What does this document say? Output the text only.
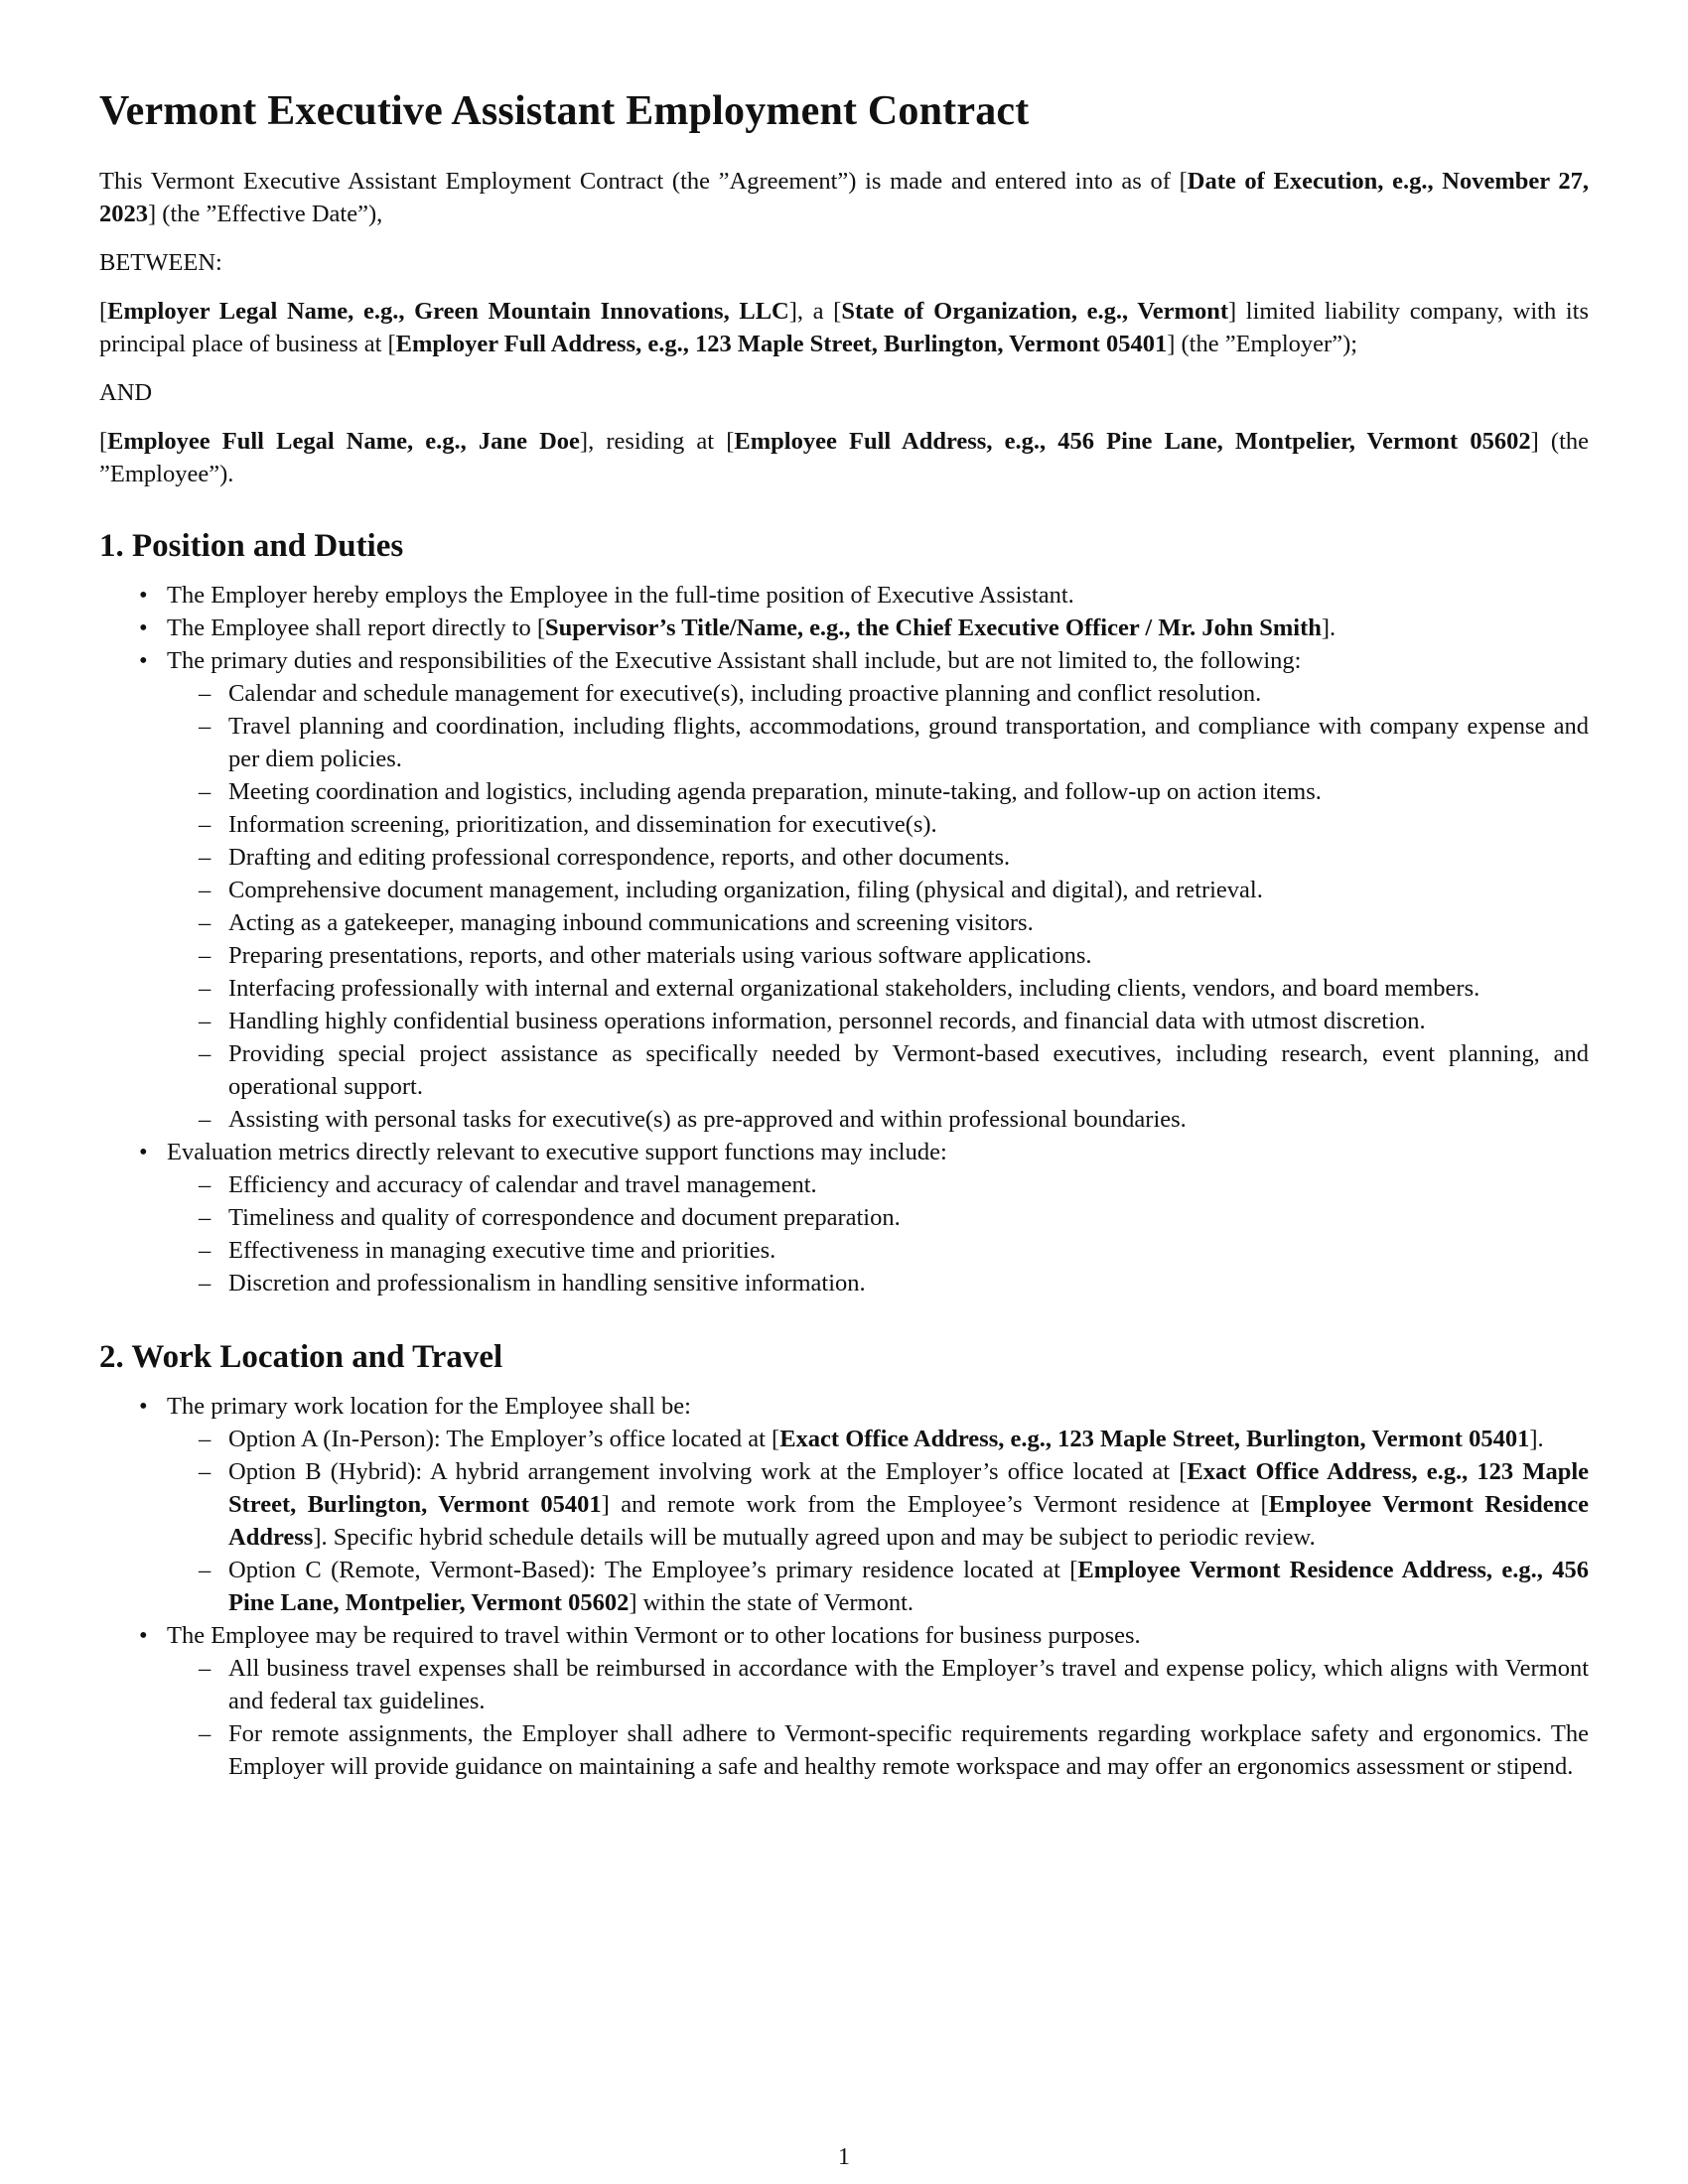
Vermont Executive Assistant Employment Contract

This Vermont Executive Assistant Employment Contract (the ”Agreement”) is made and entered into as of [Date of Execution, e.g., November 27, 2023] (the ”Effective Date”),

BETWEEN:

[Employer Legal Name, e.g., Green Mountain Innovations, LLC], a [State of Organization, e.g., Vermont] limited liability company, with its principal place of business at [Employer Full Address, e.g., 123 Maple Street, Burlington, Vermont 05401] (the ”Employer”);

AND

[Employee Full Legal Name, e.g., Jane Doe], residing at [Employee Full Address, e.g., 456 Pine Lane, Montpelier, Vermont 05602] (the ”Employee”).

1. Position and Duties
• The Employer hereby employs the Employee in the full-time position of Executive Assistant.
• The Employee shall report directly to [Supervisor’s Title/Name, e.g., the Chief Executive Officer / Mr. John Smith].
• The primary duties and responsibilities of the Executive Assistant shall include, but are not limited to, the following:
– Calendar and schedule management for executive(s), including proactive planning and conflict resolution.
– Travel planning and coordination, including flights, accommodations, ground transportation, and compliance with company expense and per diem policies.
– Meeting coordination and logistics, including agenda preparation, minute-taking, and follow-up on action items.
– Information screening, prioritization, and dissemination for executive(s).
– Drafting and editing professional correspondence, reports, and other documents.
– Comprehensive document management, including organization, filing (physical and digital), and retrieval.
– Acting as a gatekeeper, managing inbound communications and screening visitors.
– Preparing presentations, reports, and other materials using various software applications.
– Interfacing professionally with internal and external organizational stakeholders, including clients, vendors, and board members.
– Handling highly confidential business operations information, personnel records, and financial data with utmost discretion.
– Providing special project assistance as specifically needed by Vermont-based executives, including research, event planning, and operational support.
– Assisting with personal tasks for executive(s) as pre-approved and within professional boundaries.
• Evaluation metrics directly relevant to executive support functions may include:
– Efficiency and accuracy of calendar and travel management.
– Timeliness and quality of correspondence and document preparation.
– Effectiveness in managing executive time and priorities.
– Discretion and professionalism in handling sensitive information.
2. Work Location and Travel
• The primary work location for the Employee shall be:
– Option A (In-Person): The Employer’s office located at [Exact Office Address, e.g., 123 Maple Street, Burlington, Vermont 05401].
– Option B (Hybrid): A hybrid arrangement involving work at the Employer’s office located at [Exact Office Address, e.g., 123 Maple Street, Burlington, Vermont 05401] and remote work from the Employee’s Vermont residence at [Employee Vermont Residence Address]. Specific hybrid schedule details will be mutually agreed upon and may be subject to periodic review.
– Option C (Remote, Vermont-Based): The Employee’s primary residence located at [Employee Vermont Residence Address, e.g., 456 Pine Lane, Montpelier, Vermont 05602] within the state of Vermont.
• The Employee may be required to travel within Vermont or to other locations for business purposes.
– All business travel expenses shall be reimbursed in accordance with the Employer’s travel and expense policy, which aligns with Vermont and federal tax guidelines.
– For remote assignments, the Employer shall adhere to Vermont-specific requirements regarding workplace safety and ergonomics. The Employer will provide guidance on maintaining a safe and healthy remote workspace and may offer an ergonomics assessment or stipend.
1
